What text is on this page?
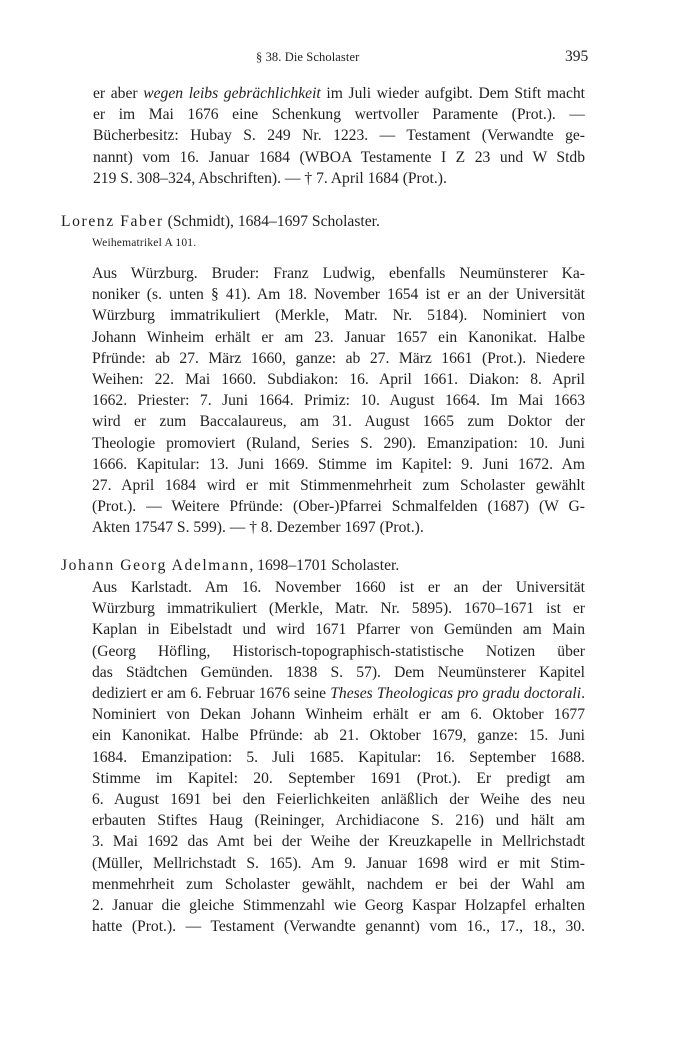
§ 38. Die Scholaster	395
er aber wegen leibs gebrächlichkeit im Juli wieder aufgibt. Dem Stift macht
er im Mai 1676 eine Schenkung wertvoller Paramente (Prot.). —
Bücherbesitz: Hubay S. 249 Nr. 1223. — Testament (Verwandte ge-
nannt) vom 16. Januar 1684 (WBOA Testamente I Z 23 und W Stdb
219 S. 308–324, Abschriften). — † 7. April 1684 (Prot.).
Lorenz Faber (Schmidt), 1684–1697 Scholaster.
Weihematrikel A 101.
Aus Würzburg. Bruder: Franz Ludwig, ebenfalls Neumünsterer Ka-
noniker (s. unten § 41). Am 18. November 1654 ist er an der Universität
Würzburg immatrikuliert (Merkle, Matr. Nr. 5184). Nominiert von
Johann Winheim erhält er am 23. Januar 1657 ein Kanonikat. Halbe
Pfründe: ab 27. März 1660, ganze: ab 27. März 1661 (Prot.). Niedere
Weihen: 22. Mai 1660. Subdiakon: 16. April 1661. Diakon: 8. April
1662. Priester: 7. Juni 1664. Primiz: 10. August 1664. Im Mai 1663
wird er zum Baccalaureus, am 31. August 1665 zum Doktor der
Theologie promoviert (Ruland, Series S. 290). Emanzipation: 10. Juni
1666. Kapitular: 13. Juni 1669. Stimme im Kapitel: 9. Juni 1672. Am
27. April 1684 wird er mit Stimmenmehrheit zum Scholaster gewählt
(Prot.). — Weitere Pfründe: (Ober-)Pfarrei Schmalfelden (1687) (W G-
Akten 17547 S. 599). — † 8. Dezember 1697 (Prot.).
Johann Georg Adelmann, 1698–1701 Scholaster.
Aus Karlstadt. Am 16. November 1660 ist er an der Universität
Würzburg immatrikuliert (Merkle, Matr. Nr. 5895). 1670–1671 ist er
Kaplan in Eibelstadt und wird 1671 Pfarrer von Gemünden am Main
(Georg Höfling, Historisch-topographisch-statistische Notizen über
das Städtchen Gemünden. 1838 S. 57). Dem Neumünsterer Kapitel
dediziert er am 6. Februar 1676 seine Theses Theologicas pro gradu doctorali.
Nominiert von Dekan Johann Winheim erhält er am 6. Oktober 1677
ein Kanonikat. Halbe Pfründe: ab 21. Oktober 1679, ganze: 15. Juni
1684. Emanzipation: 5. Juli 1685. Kapitular: 16. September 1688.
Stimme im Kapitel: 20. September 1691 (Prot.). Er predigt am
6. August 1691 bei den Feierlichkeiten anläßlich der Weihe des neu
erbauten Stiftes Haug (Reininger, Archidiacone S. 216) und hält am
3. Mai 1692 das Amt bei der Weihe der Kreuzkapelle in Mellrichstadt
(Müller, Mellrichstadt S. 165). Am 9. Januar 1698 wird er mit Stim-
menmehrheit zum Scholaster gewählt, nachdem er bei der Wahl am
2. Januar die gleiche Stimmenzahl wie Georg Kaspar Holzapfel erhalten
hatte (Prot.). — Testament (Verwandte genannt) vom 16., 17., 18., 30.
